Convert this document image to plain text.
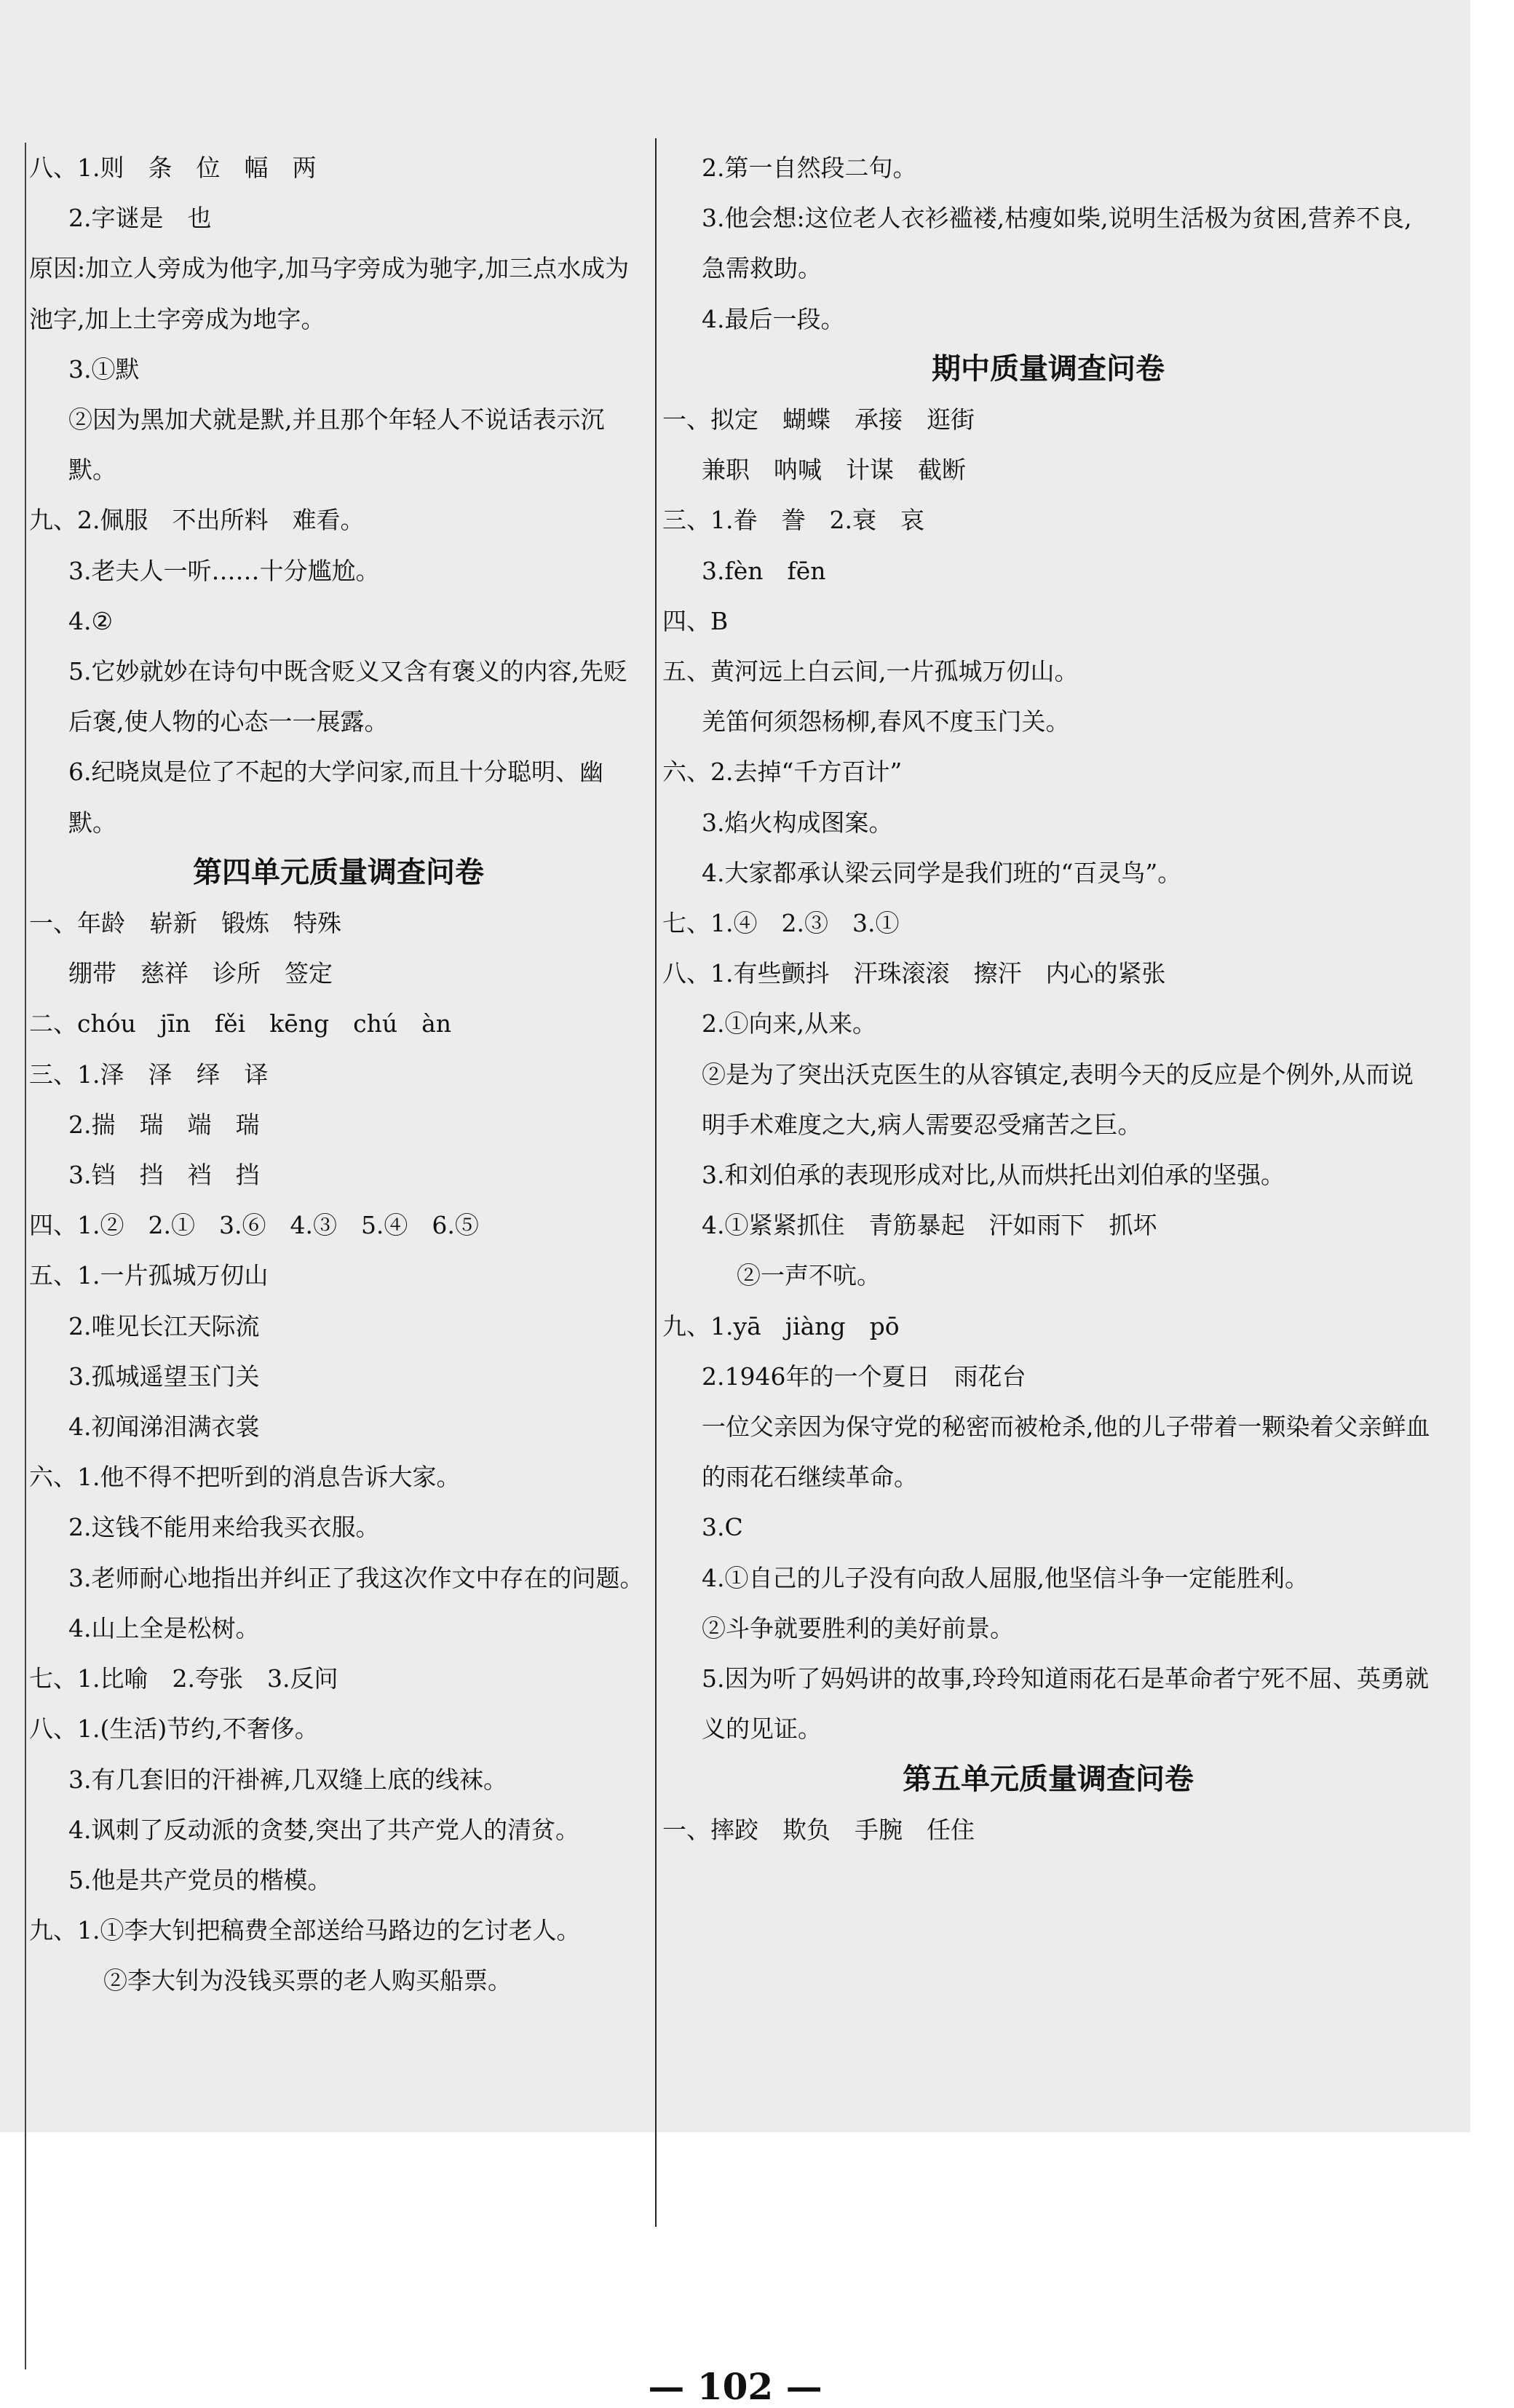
八、1.则　条　位　幅　两

2.字谜是　也

原因:加立人旁成为他字,加马字旁成为驰字,加三点水成为池字,加上土字旁成为地字。

3.①默

②因为黑加犬就是默,并且那个年轻人不说话表示沉默。

九、2.佩服　不出所料　难看。

3.老夫人一听……十分尴尬。

4.②

5.它妙就妙在诗句中既含贬义又含有褒义的内容,先贬后褒,使人物的心态一一展露。

6.纪晓岚是位了不起的大学问家,而且十分聪明、幽默。

第四单元质量调查问卷

一、年龄　崭新　锻炼　特殊

绷带　慈祥　诊所　签定

二、chóu　jīn　fěi　kēng　chú　àn

三、1.泽　泽　绎　译

2.揣　瑞　端　瑞

3.铛　挡　裆　挡

四、1.②　2.①　3.⑥　4.③　5.④　6.⑤

五、1.一片孤城万仞山

2.唯见长江天际流

3.孤城遥望玉门关

4.初闻涕泪满衣裳

六、1.他不得不把听到的消息告诉大家。

2.这钱不能用来给我买衣服。

3.老师耐心地指出并纠正了我这次作文中存在的问题。

4.山上全是松树。

七、1.比喻　2.夸张　3.反问

八、1.(生活)节约,不奢侈。

3.有几套旧的汗褂裤,几双缝上底的线袜。

4.讽刺了反动派的贪婪,突出了共产党人的清贫。

5.他是共产党员的楷模。

九、1.①李大钊把稿费全部送给马路边的乞讨老人。

②李大钊为没钱买票的老人购买船票。

2.第一自然段二句。

3.他会想:这位老人衣衫褴褛,枯瘦如柴,说明生活极为贫困,营养不良,急需救助。

4.最后一段。

期中质量调查问卷

一、拟定　蝴蝶　承接　逛街

兼职　呐喊　计谋　截断

三、1.眷　誊　2.衰　哀

3.fèn　fēn

四、B

五、黄河远上白云间,一片孤城万仞山。

羌笛何须怨杨柳,春风不度玉门关。

六、2.去掉“千方百计”

3.焰火构成图案。

4.大家都承认梁云同学是我们班的“百灵鸟”。

七、1.④　2.③　3.①

八、1.有些颤抖　汗珠滚滚　擦汗　内心的紧张

2.①向来,从来。

②是为了突出沃克医生的从容镇定,表明今天的反应是个例外,从而说明手术难度之大,病人需要忍受痛苦之巨。

3.和刘伯承的表现形成对比,从而烘托出刘伯承的坚强。

4.①紧紧抓住　青筋暴起　汗如雨下　抓坏

②一声不吭。

九、1.yā　jiàng　pō

2.1946年的一个夏日　雨花台

一位父亲因为保守党的秘密而被枪杀,他的儿子带着一颗染着父亲鲜血的雨花石继续革命。

3.C

4.①自己的儿子没有向敌人屈服,他坚信斗争一定能胜利。

②斗争就要胜利的美好前景。

5.因为听了妈妈讲的故事,玲玲知道雨花石是革命者宁死不屈、英勇就义的见证。

第五单元质量调查问卷

一、摔跤　欺负　手腕　任住

— 102 —
